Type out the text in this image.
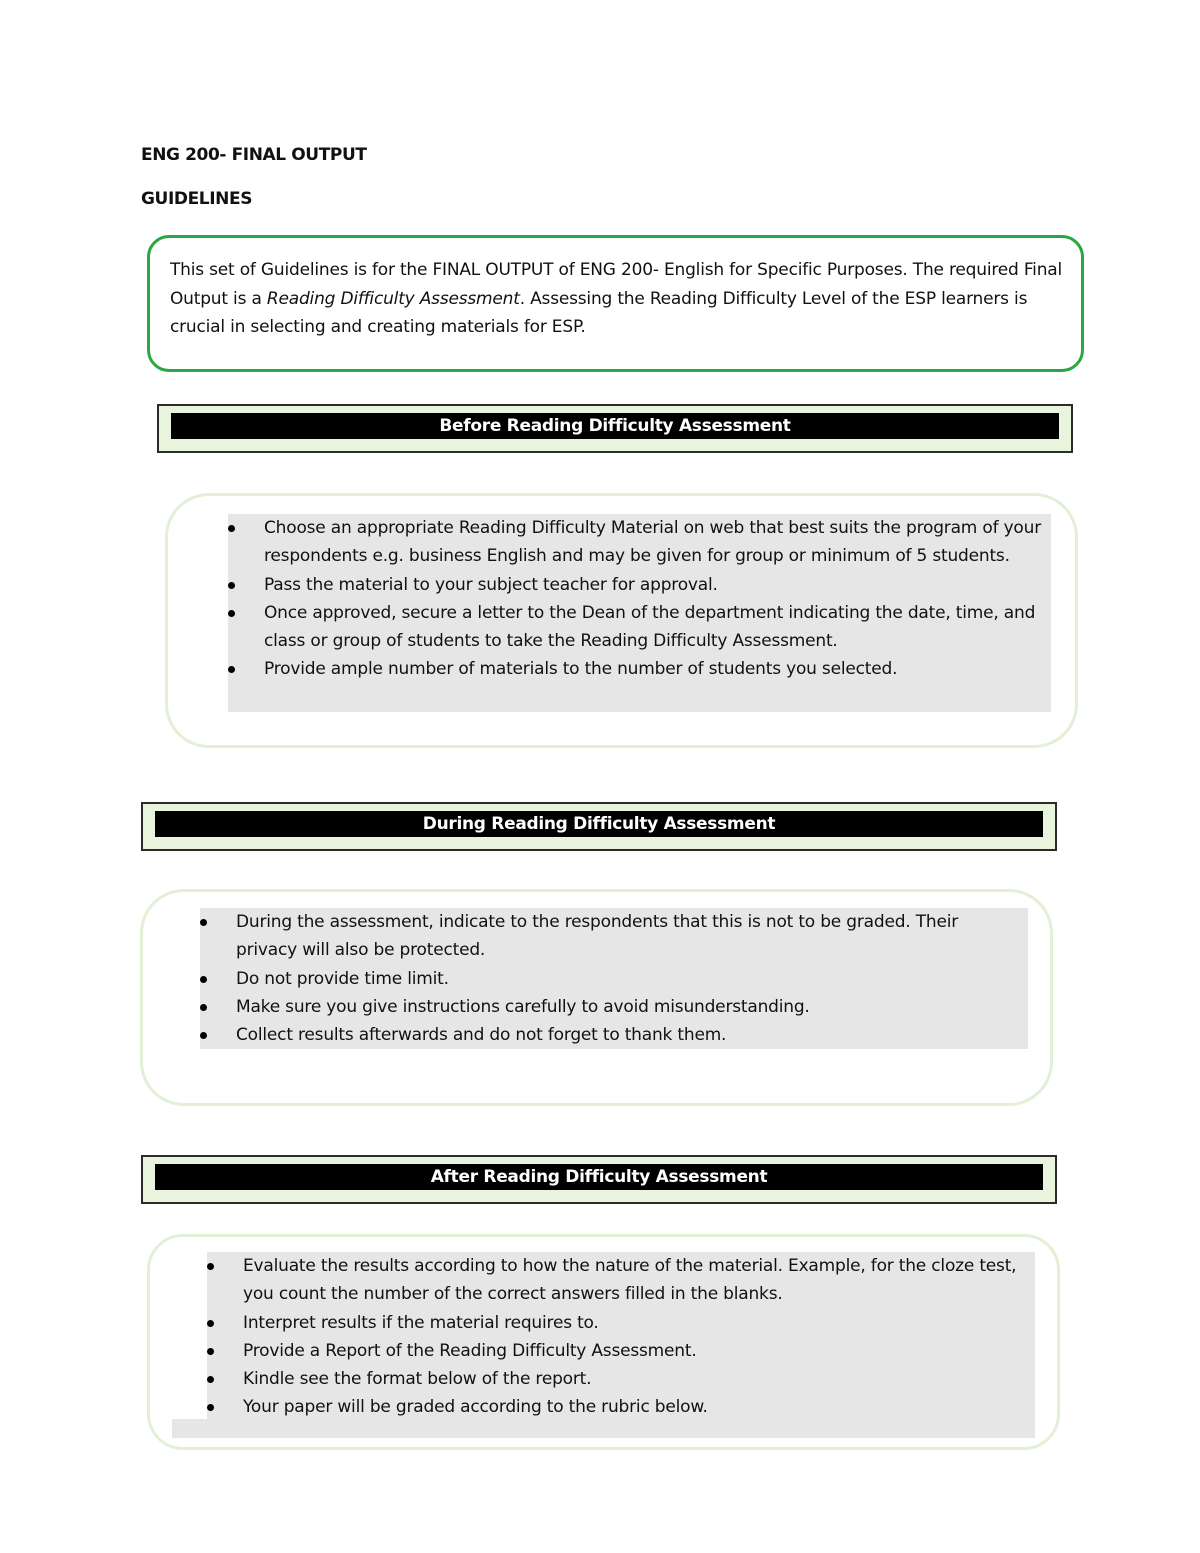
ENG 200- FINAL OUTPUT
GUIDELINES

This set of Guidelines is for the FINAL OUTPUT of ENG 200- English for Specific Purposes. The required Final Output is a Reading Difficulty Assessment. Assessing the Reading Difficulty Level of the ESP learners is crucial in selecting and creating materials for ESP.

Before Reading Difficulty Assessment
Choose an appropriate Reading Difficulty Material on web that best suits the program of your respondents e.g. business English and may be given for group or minimum of 5 students.
Pass the material to your subject teacher for approval.
Once approved, secure a letter to the Dean of the department indicating the date, time, and class or group of students to take the Reading Difficulty Assessment.
Provide ample number of materials to the number of students you selected.
During Reading Difficulty Assessment
During the assessment, indicate to the respondents that this is not to be graded. Their privacy will also be protected.
Do not provide time limit.
Make sure you give instructions carefully to avoid misunderstanding.
Collect results afterwards and do not forget to thank them.
After Reading Difficulty Assessment
Evaluate the results according to how the nature of the material. Example, for the cloze test, you count the number of the correct answers filled in the blanks.
Interpret results if the material requires to.
Provide a Report of the Reading Difficulty Assessment.
Kindle see the format below of the report.
Your paper will be graded according to the rubric below.
